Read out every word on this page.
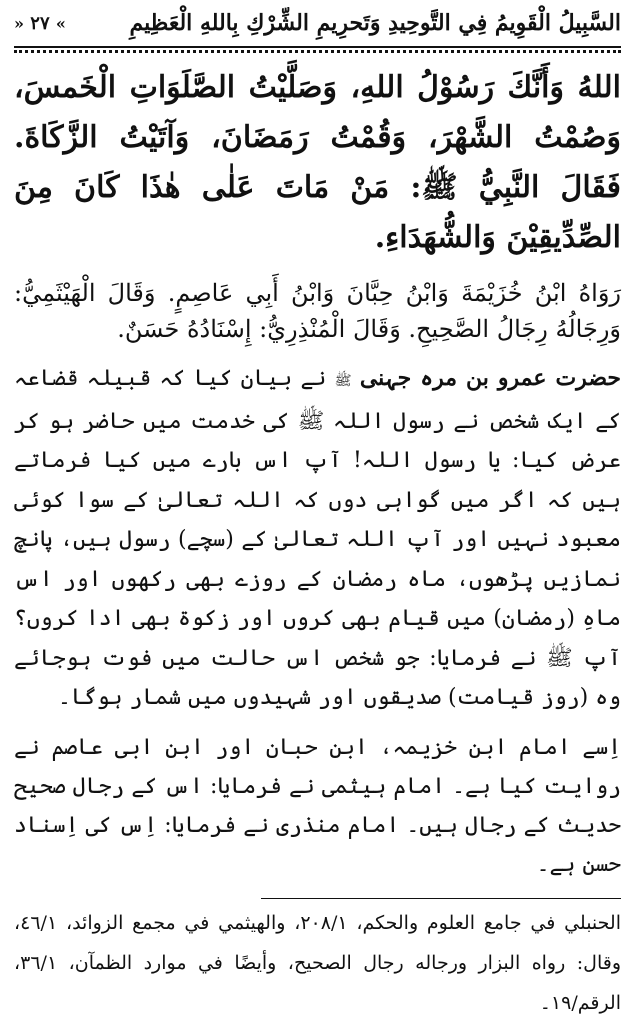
السَّبِيلُ الْقَوِيمُ فِي التَّوحِيدِ وَتَحرِيمِ الشِّرْكِ بِاللهِ الْعَظِيمِ
» ٢٧ «

اللهُ وَأَنَّكَ رَسُوْلُ اللهِ، وَصَلَّيْتُ الصَّلَوَاتِ الْخَمسَ، وَصُمْتُ الشَّهْرَ، وَقُمْتُ رَمَضَانَ، وَآتَيْتُ الزَّكَاةَ. فَقَالَ النَّبِيُّ ﷺ: مَنْ مَاتَ عَلٰى هٰذَا كَانَ مِنَ الصِّدِّيقِيْنَ وَالشُّهَدَاءِ.

رَوَاهُ ابْنُ خُزَيْمَةَ وَابْنُ حِبَّانَ وَابْنُ أَبِي عَاصِمٍ. وَقَالَ الْهَيْثَمِيُّ: وَرِجَالُهُ رِجَالُ الصَّحِيحِ. وَقَالَ الْمُنْذِرِيُّ: إِسْنَادُهُ حَسَنٌ.

حضرت عمرو بن مرہ جہنی ﷺ نے بیان کیا کہ قبیلہ قضاعہ کے ایک شخص نے رسول اللہ ﷺ کی خدمت میں حاضر ہو کر عرض کیا: یا رسول اللہ! آپ اس بارے میں کیا فرماتے ہیں کہ اگر میں گواہی دوں کہ اللہ تعالیٰ کے سوا کوئی معبود نہیں اور آپ اللہ تعالیٰ کے (سچے) رسول ہیں، پانچ نمازیں پڑھوں، ماہ رمضان کے روزے بھی رکھوں اور اس ماہِ (رمضان) میں قیام بھی کروں اور زکوۃ بھی ادا کروں؟ آپ ﷺ نے فرمایا: جو شخص اس حالت میں فوت ہوجائے وہ (روز قیامت) صدیقوں اور شہیدوں میں شمار ہوگا۔

اِسے امام ابن خزیمہ، ابن حبان اور ابن ابی عاصم نے روایت کیا ہے۔ امام ہیثمی نے فرمایا: اس کے رجال صحیح حدیث کے رجال ہیں۔ امام منذری نے فرمایا: اِس کی اِسناد حسن ہے۔

الحنبلي في جامع العلوم والحكم، ٢٠٨/١، والهيثمي في مجمع الزوائد، ٤٦/١، وقال: رواه البزار ورجاله رجال الصحيح، وأيضًا في موارد الظمآن، ٣٦/١، الرقم/١٩۔
